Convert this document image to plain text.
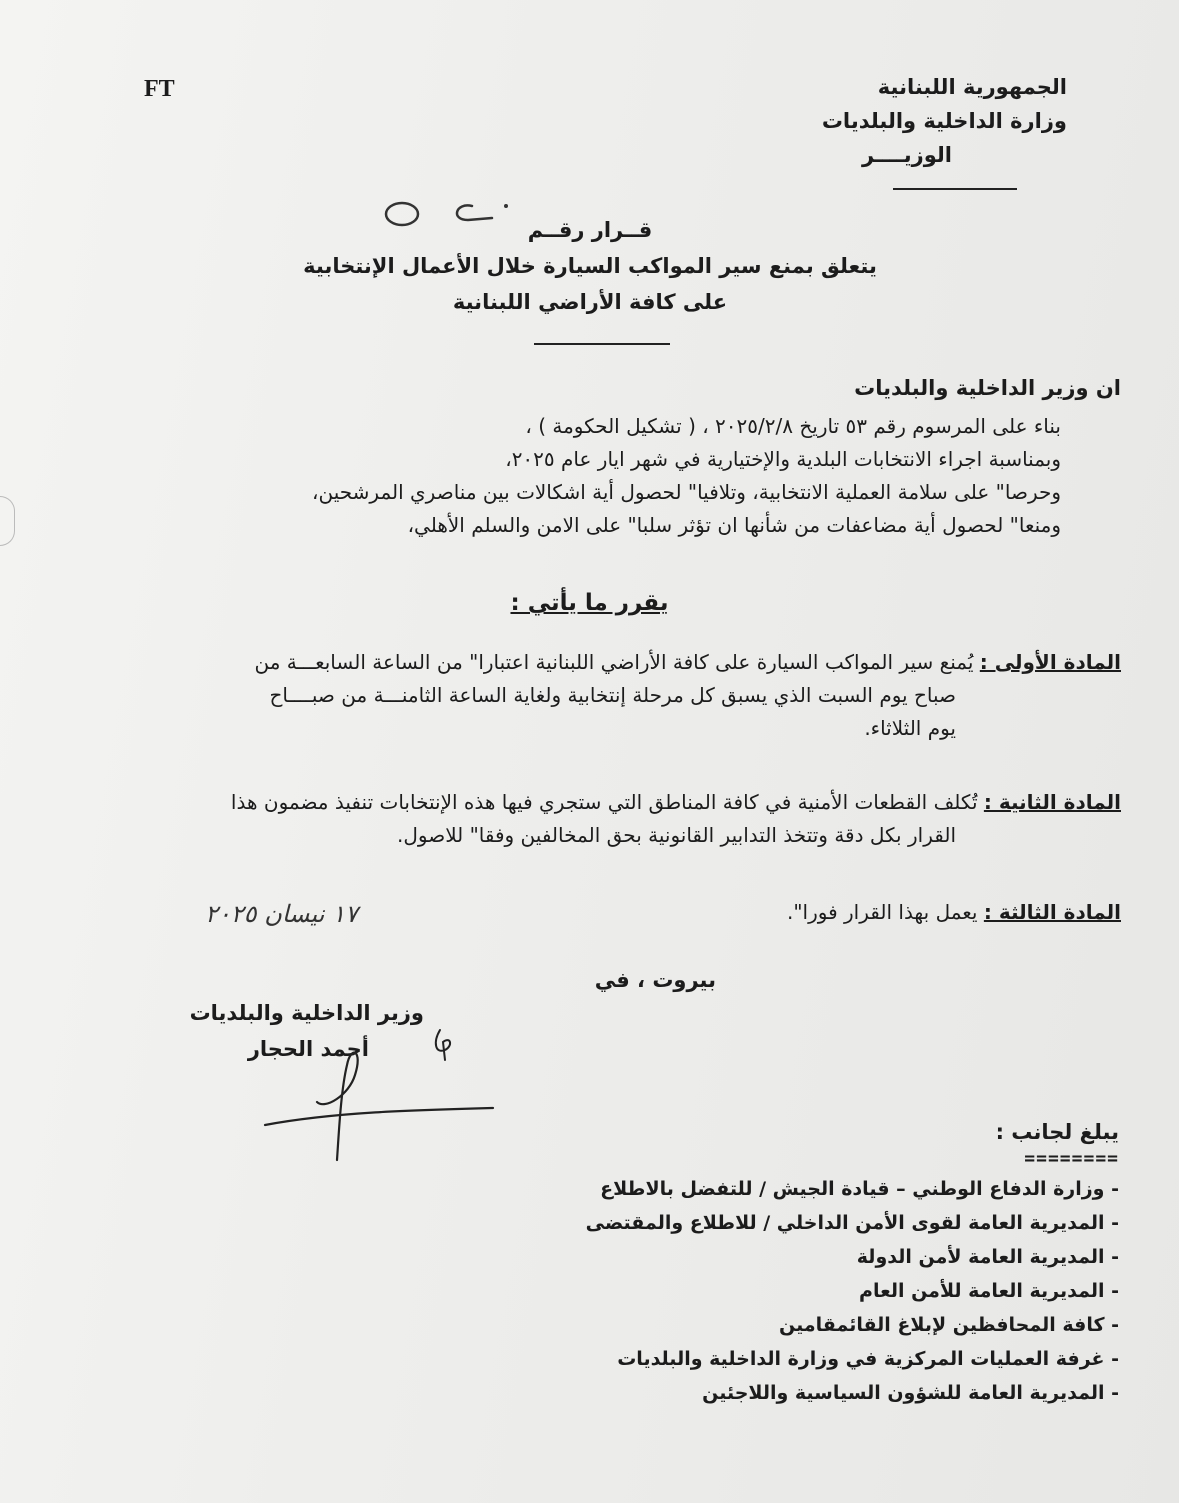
الجمهورية اللبنانية
وزارة الداخلية والبلديات
الوزيــــر
FT
قــرار رقــم
يتعلق بمنع سير المواكب السيارة خلال الأعمال الإنتخابية
على كافة الأراضي اللبنانية
ان وزير الداخلية والبلديات
بناء على المرسوم رقم ٥٣ تاريخ ٢٠٢٥/٢/٨ ، ( تشكيل الحكومة ) ،
وبمناسبة اجراء الانتخابات البلدية والإختيارية في شهر ايار عام ٢٠٢٥،
وحرصا" على سلامة العملية الانتخابية، وتلافيا" لحصول أية اشكالات بين مناصري المرشحين،
ومنعا" لحصول أية مضاعفات من شأنها ان تؤثر سلبا" على الامن والسلم الأهلي،
يقرر ما يأتي :
المادة الأولى : يُمنع سير المواكب السيارة على كافة الأراضي اللبنانية اعتبارا" من الساعة السابعـــة من
صباح يوم السبت الذي يسبق كل مرحلة إنتخابية ولغاية الساعة الثامنـــة من صبــــاح
يوم الثلاثاء.
المادة الثانية : تُكلف القطعات الأمنية في كافة المناطق التي ستجري فيها هذه الإنتخابات تنفيذ مضمون هذا
القرار بكل دقة وتتخذ التدابير القانونية بحق المخالفين وفقا" للاصول.
المادة الثالثة : يعمل بهذا القرار فورا".
١٧ نيسان ٢٠٢٥
بيروت ، في
وزير الداخلية والبلديات
أحمد الحجار
يبلغ لجانب :
========
- وزارة الدفاع الوطني – قيادة الجيش / للتفضل بالاطلاع
- المديرية العامة لقوى الأمن الداخلي / للاطلاع والمقتضى
- المديرية العامة لأمن الدولة
- المديرية العامة للأمن العام
- كافة المحافظين لإبلاغ القائمقامين
- غرفة العمليات المركزية في وزارة الداخلية والبلديات
- المديرية العامة للشؤون السياسية واللاجئين
